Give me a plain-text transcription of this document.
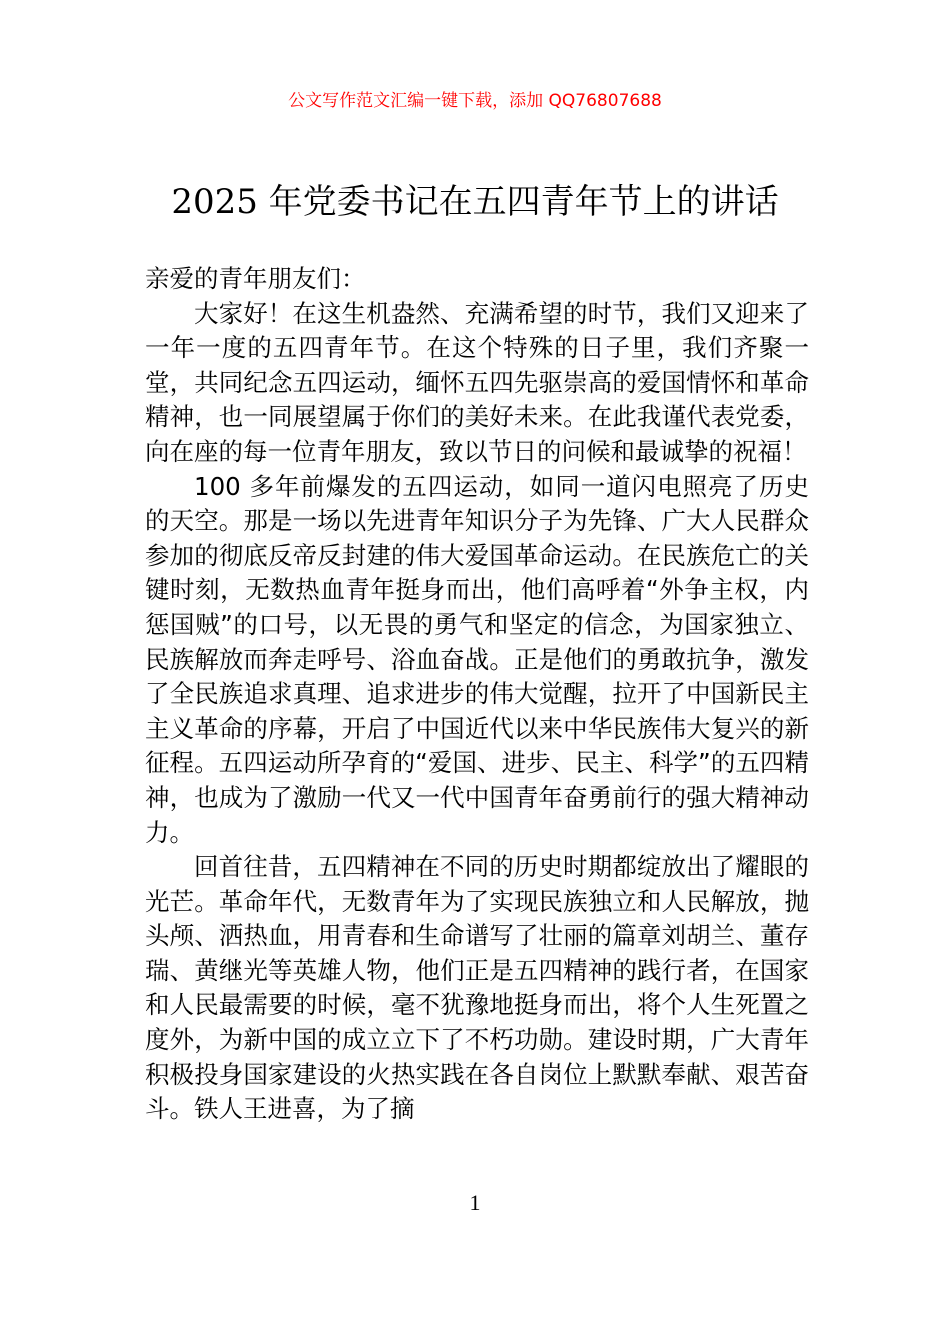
公文写作范文汇编一键下载，添加 QQ76807688
2025 年党委书记在五四青年节上的讲话

亲爱的青年朋友们：

大家好！在这生机盎然、充满希望的时节，我们又迎来了一年一度的五四青年节。在这个特殊的日子里，我们齐聚一堂，共同纪念五四运动，缅怀五四先驱崇高的爱国情怀和革命精神，也一同展望属于你们的美好未来。在此我谨代表党委，向在座的每一位青年朋友，致以节日的问候和最诚挚的祝福！

100 多年前爆发的五四运动，如同一道闪电照亮了历史的天空。那是一场以先进青年知识分子为先锋、广大人民群众参加的彻底反帝反封建的伟大爱国革命运动。在民族危亡的关键时刻，无数热血青年挺身而出，他们高呼着“外争主权，内惩国贼”的口号，以无畏的勇气和坚定的信念，为国家独立、民族解放而奔走呼号、浴血奋战。正是他们的勇敢抗争，激发了全民族追求真理、追求进步的伟大觉醒，拉开了中国新民主主义革命的序幕，开启了中国近代以来中华民族伟大复兴的新征程。五四运动所孕育的“爱国、进步、民主、科学”的五四精神，也成为了激励一代又一代中国青年奋勇前行的强大精神动力。

回首往昔，五四精神在不同的历史时期都绽放出了耀眼的光芒。革命年代，无数青年为了实现民族独立和人民解放，抛头颅、洒热血，用青春和生命谱写了壮丽的篇章刘胡兰、董存瑞、黄继光等英雄人物，他们正是五四精神的践行者，在国家和人民最需要的时候，毫不犹豫地挺身而出，将个人生死置之度外，为新中国的成立立下了不朽功勋。建设时期，广大青年积极投身国家建设的火热实践在各自岗位上默默奉献、艰苦奋斗。铁人王进喜，为了摘

1
